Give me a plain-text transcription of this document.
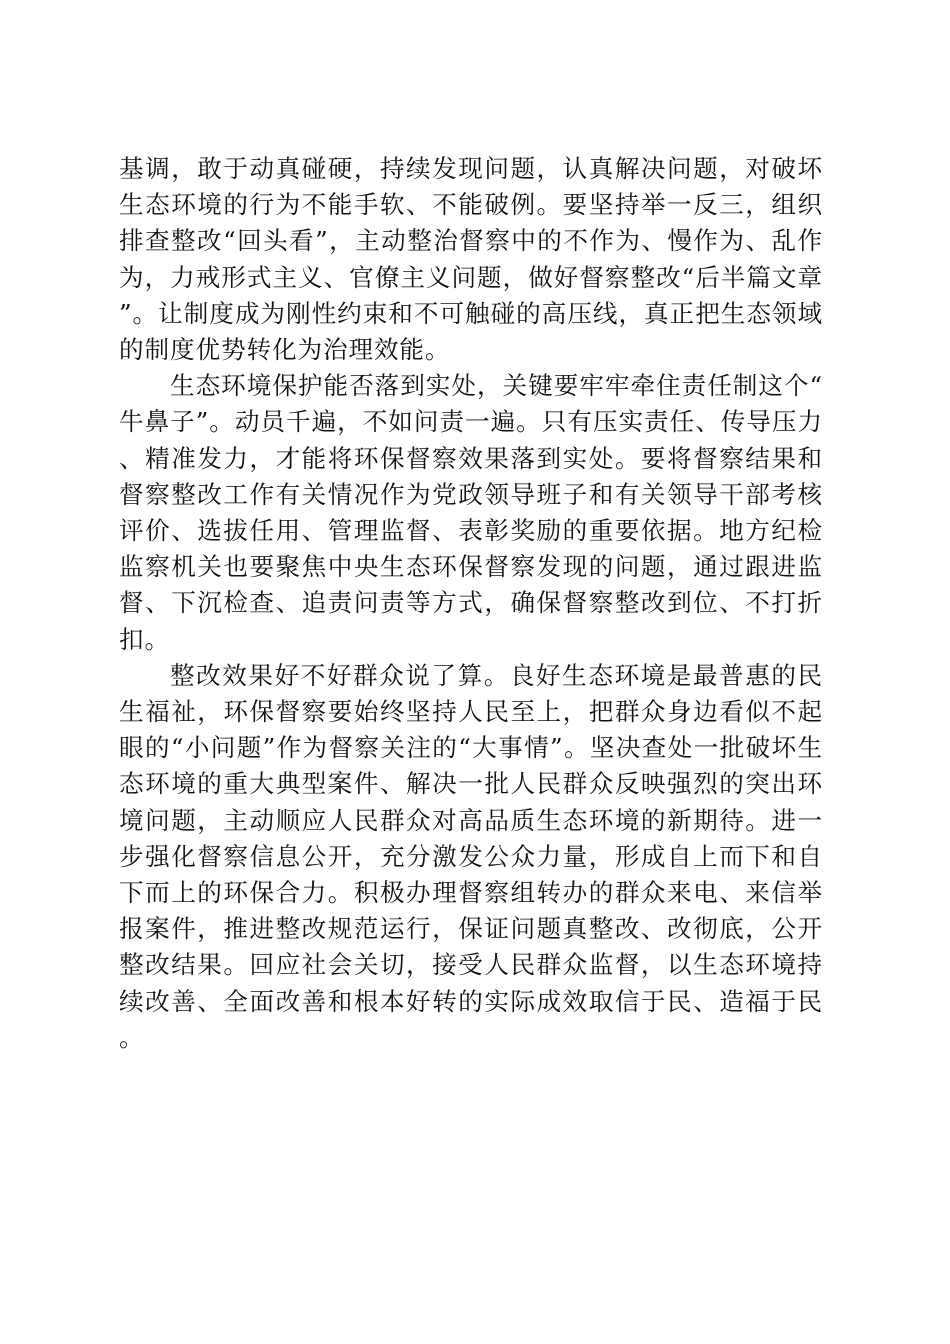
基调，敢于动真碰硬，持续发现问题，认真解决问题，对破坏生态环境的行为不能手软、不能破例。要坚持举一反三，组织排查整改“回头看”，主动整治督察中的不作为、慢作为、乱作为，力戒形式主义、官僚主义问题，做好督察整改“后半篇文章”。让制度成为刚性约束和不可触碰的高压线，真正把生态领域的制度优势转化为治理效能。

生态环境保护能否落到实处，关键要牢牢牵住责任制这个“牛鼻子”。动员千遍，不如问责一遍。只有压实责任、传导压力、精准发力，才能将环保督察效果落到实处。要将督察结果和督察整改工作有关情况作为党政领导班子和有关领导干部考核评价、选拔任用、管理监督、表彰奖励的重要依据。地方纪检监察机关也要聚焦中央生态环保督察发现的问题，通过跟进监督、下沉检查、追责问责等方式，确保督察整改到位、不打折扣。

整改效果好不好群众说了算。良好生态环境是最普惠的民生福祉，环保督察要始终坚持人民至上，把群众身边看似不起眼的“小问题”作为督察关注的“大事情”。坚决查处一批破坏生态环境的重大典型案件、解决一批人民群众反映强烈的突出环境问题，主动顺应人民群众对高品质生态环境的新期待。进一步强化督察信息公开，充分激发公众力量，形成自上而下和自下而上的环保合力。积极办理督察组转办的群众来电、来信举报案件，推进整改规范运行，保证问题真整改、改彻底，公开整改结果。回应社会关切，接受人民群众监督，以生态环境持续改善、全面改善和根本好转的实际成效取信于民、造福于民。
